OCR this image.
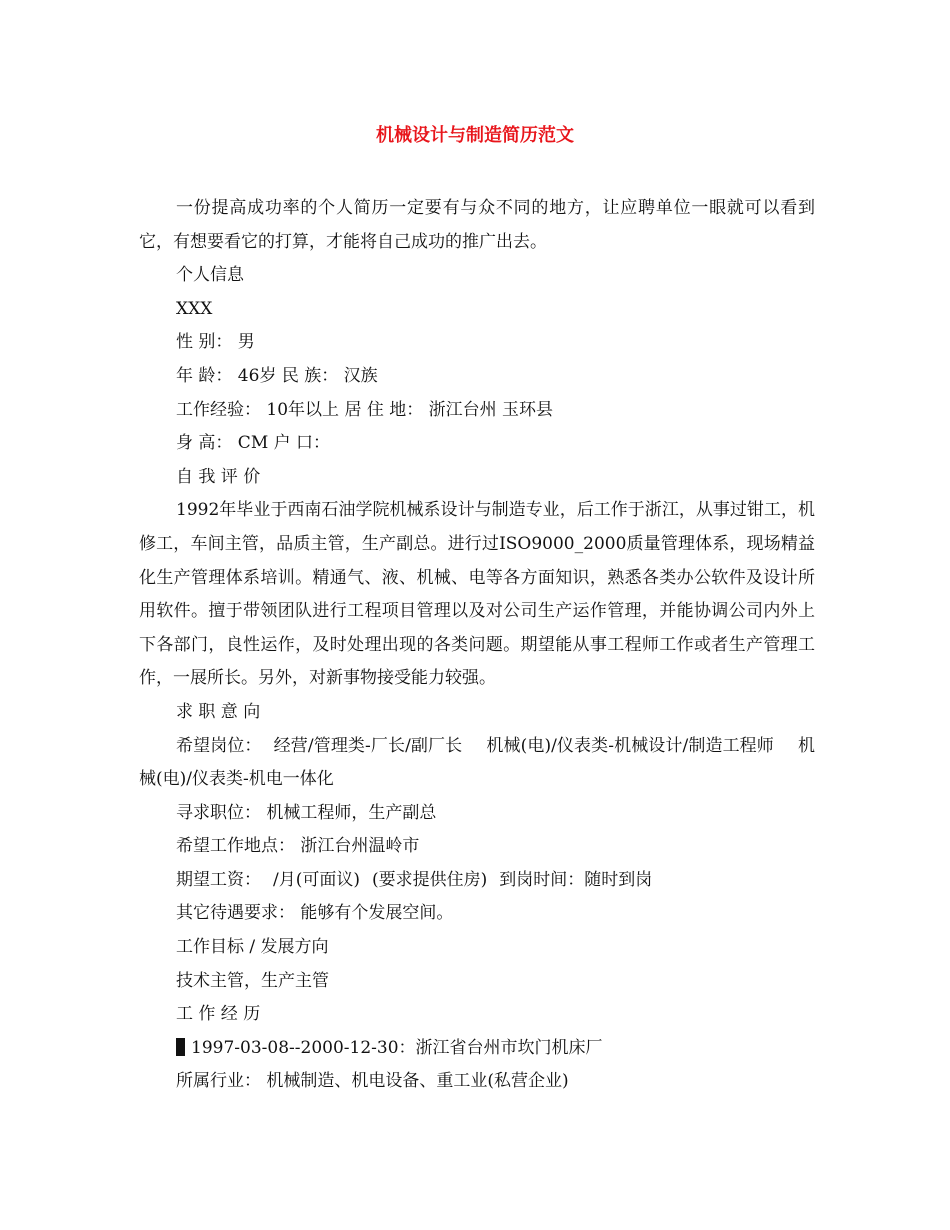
机械设计与制造简历范文

一份提高成功率的个人简历一定要有与众不同的地方，让应聘单位一眼就可以看到它，有想要看它的打算，才能将自己成功的推广出去。

个人信息

XXX

性 别： 男

年 龄： 46岁 民 族： 汉族

工作经验： 10年以上 居 住 地： 浙江台州 玉环县

身 高： CM 户 口：

自 我 评 价

1992年毕业于西南石油学院机械系设计与制造专业，后工作于浙江，从事过钳工，机修工，车间主管，品质主管，生产副总。进行过ISO9000_2000质量管理体系，现场精益化生产管理体系培训。精通气、液、机械、电等各方面知识，熟悉各类办公软件及设计所用软件。擅于带领团队进行工程项目管理以及对公司生产运作管理，并能协调公司内外上下各部门，良性运作，及时处理出现的各类问题。期望能从事工程师工作或者生产管理工作，一展所长。另外，对新事物接受能力较强。

求 职 意 向

希望岗位： 经营/管理类-厂长/副厂长 机械(电)/仪表类-机械设计/制造工程师 机械(电)/仪表类-机电一体化

寻求职位： 机械工程师，生产副总

希望工作地点： 浙江台州温岭市

期望工资： /月(可面议) (要求提供住房) 到岗时间：随时到岗

其它待遇要求： 能够有个发展空间。

工作目标 / 发展方向

技术主管，生产主管

工 作 经 历

1997-03-08--2000-12-30：浙江省台州市坎门机床厂

所属行业： 机械制造、机电设备、重工业(私营企业)
